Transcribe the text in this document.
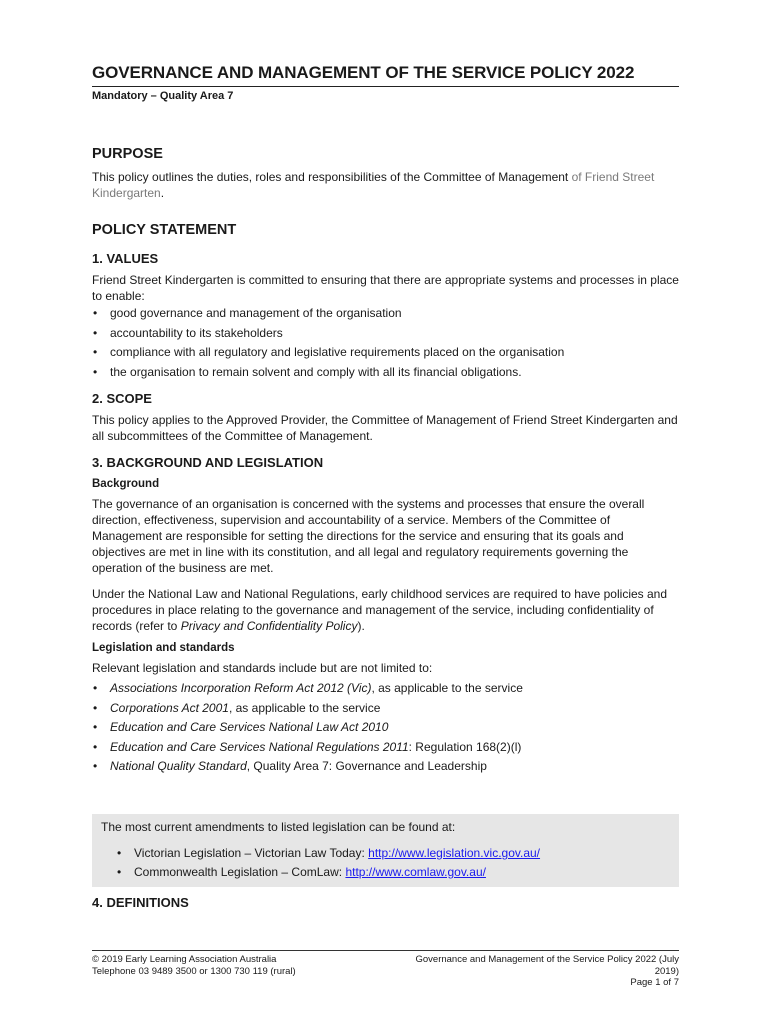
GOVERNANCE AND MANAGEMENT OF THE SERVICE POLICY 2022
Mandatory – Quality Area 7
PURPOSE
This policy outlines the duties, roles and responsibilities of the Committee of Management of Friend Street Kindergarten.
POLICY STATEMENT
1. VALUES
Friend Street Kindergarten is committed to ensuring that there are appropriate systems and processes in place to enable:
• good governance and management of the organisation
• accountability to its stakeholders
• compliance with all regulatory and legislative requirements placed on the organisation
• the organisation to remain solvent and comply with all its financial obligations.
2. SCOPE
This policy applies to the Approved Provider, the Committee of Management of Friend Street Kindergarten and all subcommittees of the Committee of Management.
3. BACKGROUND AND LEGISLATION
Background
The governance of an organisation is concerned with the systems and processes that ensure the overall direction, effectiveness, supervision and accountability of a service. Members of the Committee of Management are responsible for setting the directions for the service and ensuring that its goals and objectives are met in line with its constitution, and all legal and regulatory requirements governing the operation of the business are met.
Under the National Law and National Regulations, early childhood services are required to have policies and procedures in place relating to the governance and management of the service, including confidentiality of records (refer to Privacy and Confidentiality Policy).
Legislation and standards
Relevant legislation and standards include but are not limited to:
• Associations Incorporation Reform Act 2012 (Vic), as applicable to the service
• Corporations Act 2001, as applicable to the service
• Education and Care Services National Law Act 2010
• Education and Care Services National Regulations 2011: Regulation 168(2)(l)
• National Quality Standard, Quality Area 7: Governance and Leadership
The most current amendments to listed legislation can be found at:
• Victorian Legislation – Victorian Law Today: http://www.legislation.vic.gov.au/
• Commonwealth Legislation – ComLaw: http://www.comlaw.gov.au/
4. DEFINITIONS
© 2019 Early Learning Association Australia
Telephone 03 9489 3500 or 1300 730 119 (rural)
Governance and Management of the Service Policy 2022 (July
2019)
Page 1 of 7
